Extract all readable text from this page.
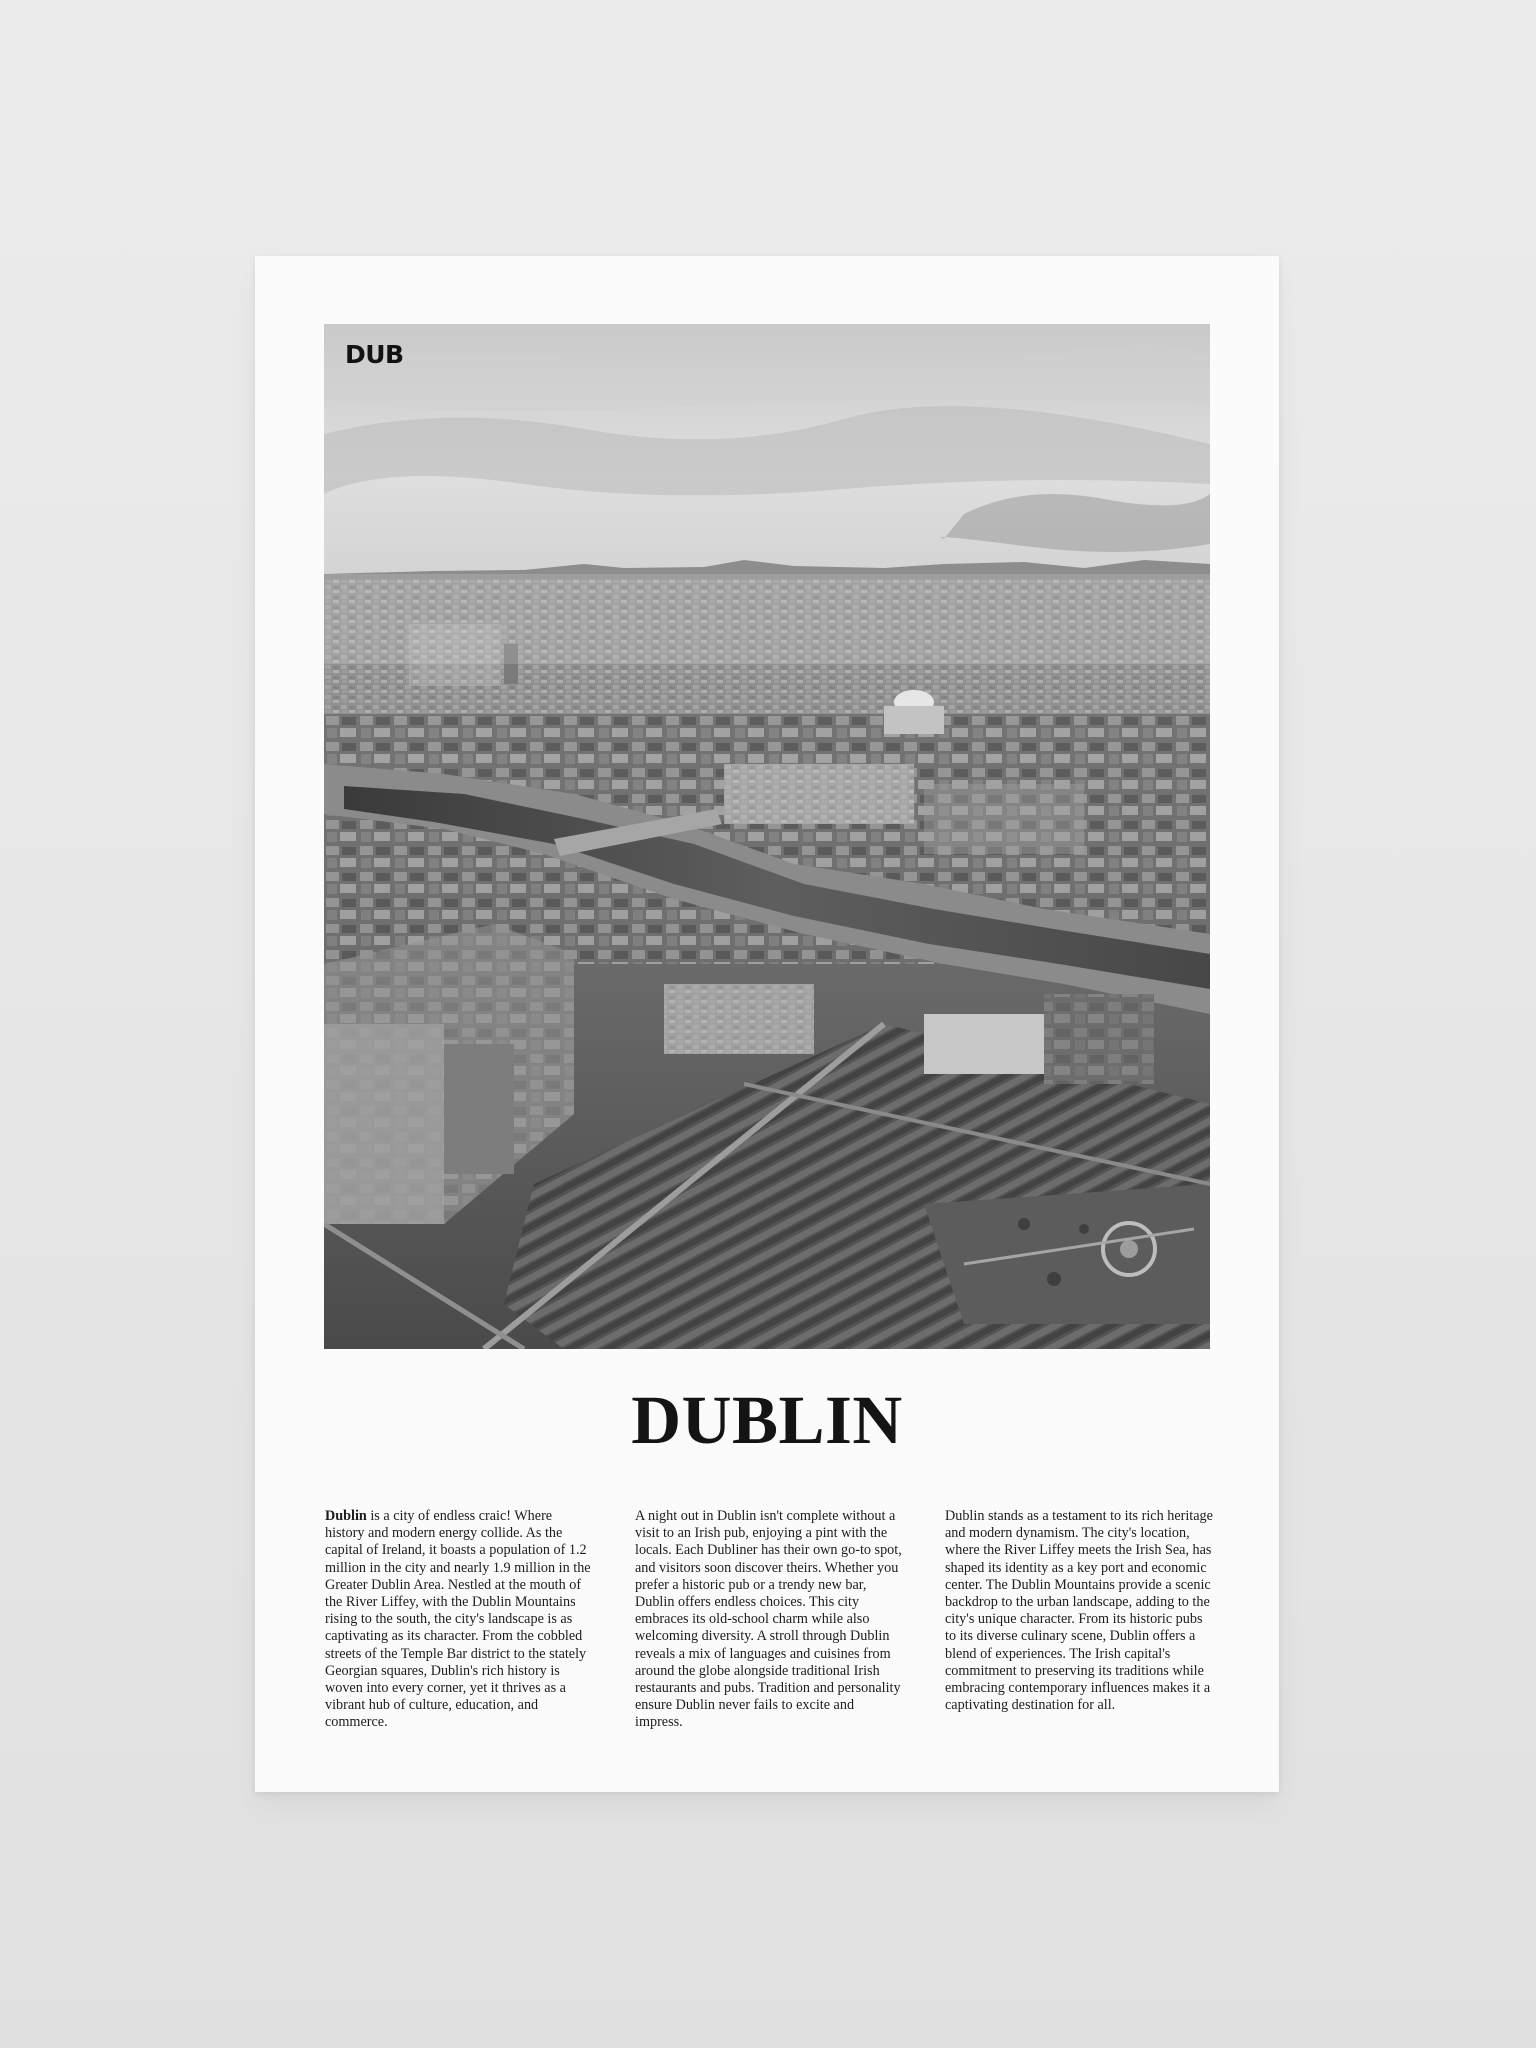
DUB

DUBLIN

Dublin is a city of endless craic! Where history and modern energy collide. As the capital of Ireland, it boasts a population of 1.2 million in the city and nearly 1.9 million in the Greater Dublin Area. Nestled at the mouth of the River Liffey, with the Dublin Mountains rising to the south, the city's landscape is as captivating as its character. From the cobbled streets of the Temple Bar district to the stately Georgian squares, Dublin's rich history is woven into every corner, yet it thrives as a vibrant hub of culture, education, and commerce.

A night out in Dublin isn't complete without a visit to an Irish pub, enjoying a pint with the locals. Each Dubliner has their own go-to spot, and visitors soon discover theirs. Whether you prefer a historic pub or a trendy new bar, Dublin offers endless choices. This city embraces its old-school charm while also welcoming diversity. A stroll through Dublin reveals a mix of languages and cuisines from around the globe alongside traditional Irish restaurants and pubs. Tradition and personality ensure Dublin never fails to excite and impress.

Dublin stands as a testament to its rich heritage and modern dynamism. The city's location, where the River Liffey meets the Irish Sea, has shaped its identity as a key port and economic center. The Dublin Mountains provide a scenic backdrop to the urban landscape, adding to the city's unique character. From its historic pubs to its diverse culinary scene, Dublin offers a blend of experiences. The Irish capital's commitment to preserving its traditions while embracing contemporary influences makes it a captivating destination for all.
